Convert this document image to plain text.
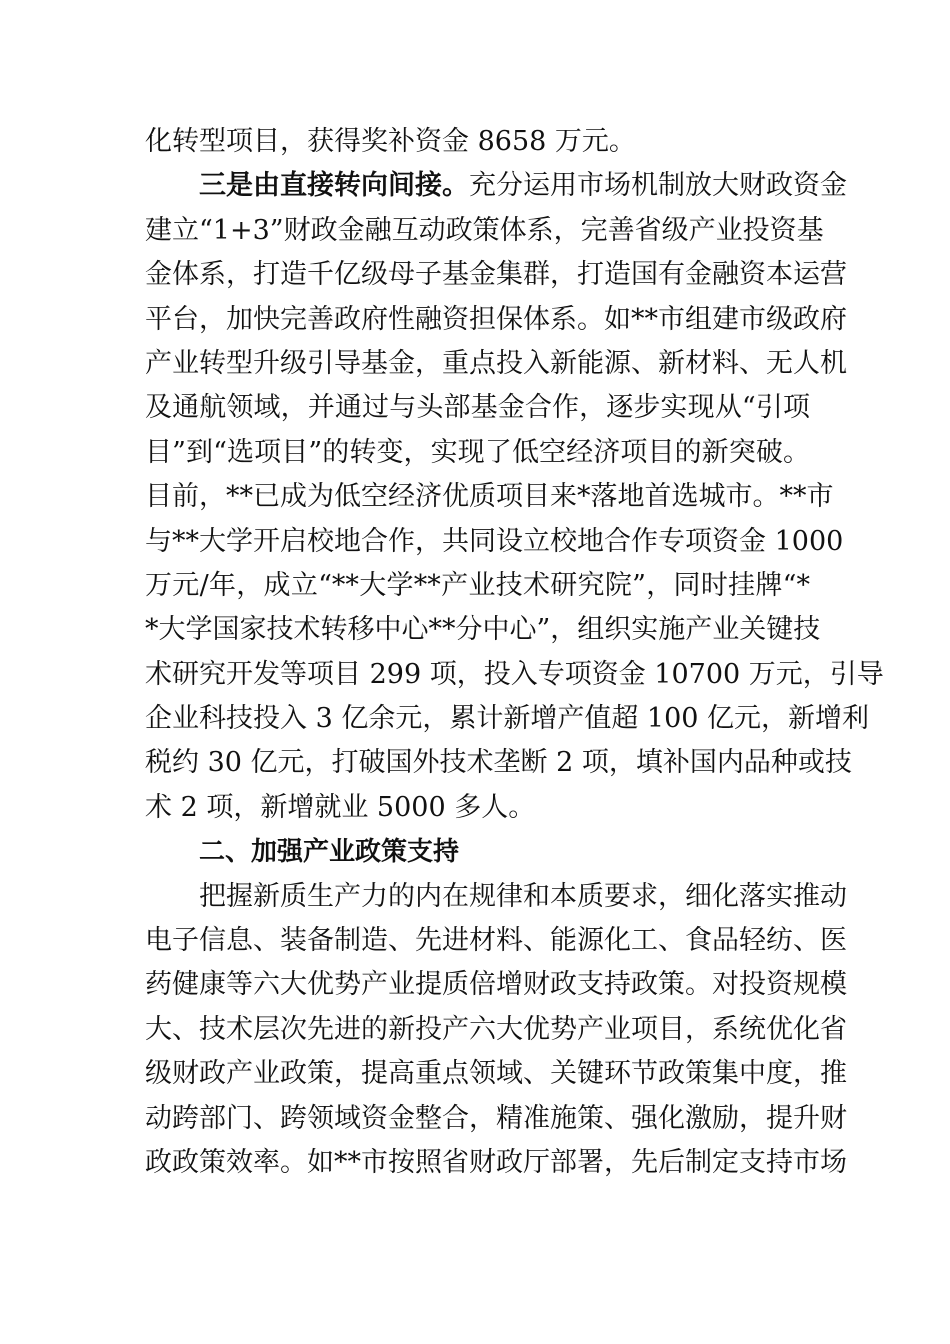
化转型项目，获得奖补资金 8658 万元。
三是由直接转向间接。充分运用市场机制放大财政资金
建立“1+3”财政金融互动政策体系，完善省级产业投资基
金体系，打造千亿级母子基金集群，打造国有金融资本运营
平台，加快完善政府性融资担保体系。如**市组建市级政府
产业转型升级引导基金，重点投入新能源、新材料、无人机
及通航领域，并通过与头部基金合作，逐步实现从“引项
目”到“选项目”的转变，实现了低空经济项目的新突破。
目前，**已成为低空经济优质项目来*落地首选城市。**市
与**大学开启校地合作，共同设立校地合作专项资金 1000
万元/年，成立“**大学**产业技术研究院”，同时挂牌“*
*大学国家技术转移中心**分中心”，组织实施产业关键技
术研究开发等项目 299 项，投入专项资金 10700 万元，引导
企业科技投入 3 亿余元，累计新增产值超 100 亿元，新增利
税约 30 亿元，打破国外技术垄断 2 项，填补国内品种或技
术 2 项，新增就业 5000 多人。
二、加强产业政策支持
把握新质生产力的内在规律和本质要求，细化落实推动
电子信息、装备制造、先进材料、能源化工、食品轻纺、医
药健康等六大优势产业提质倍增财政支持政策。对投资规模
大、技术层次先进的新投产六大优势产业项目，系统优化省
级财政产业政策，提高重点领域、关键环节政策集中度，推
动跨部门、跨领域资金整合，精准施策、强化激励，提升财
政政策效率。如**市按照省财政厅部署，先后制定支持市场
